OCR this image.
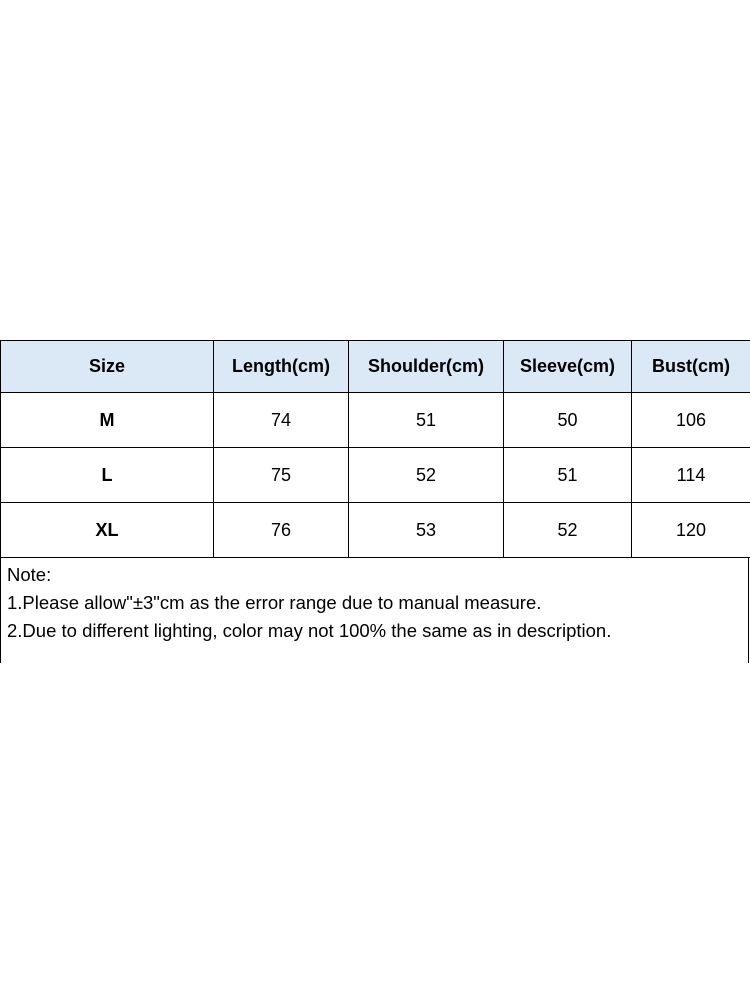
Size	Length(cm)	Shoulder(cm)	Sleeve(cm)	Bust(cm)
M	74	51	50	106
L	75	52	51	114
XL	76	53	52	120
Note:
1.Please allow"±3"cm as the error range due to manual measure.
2.Due to different lighting, color may not 100% the same as in description.
